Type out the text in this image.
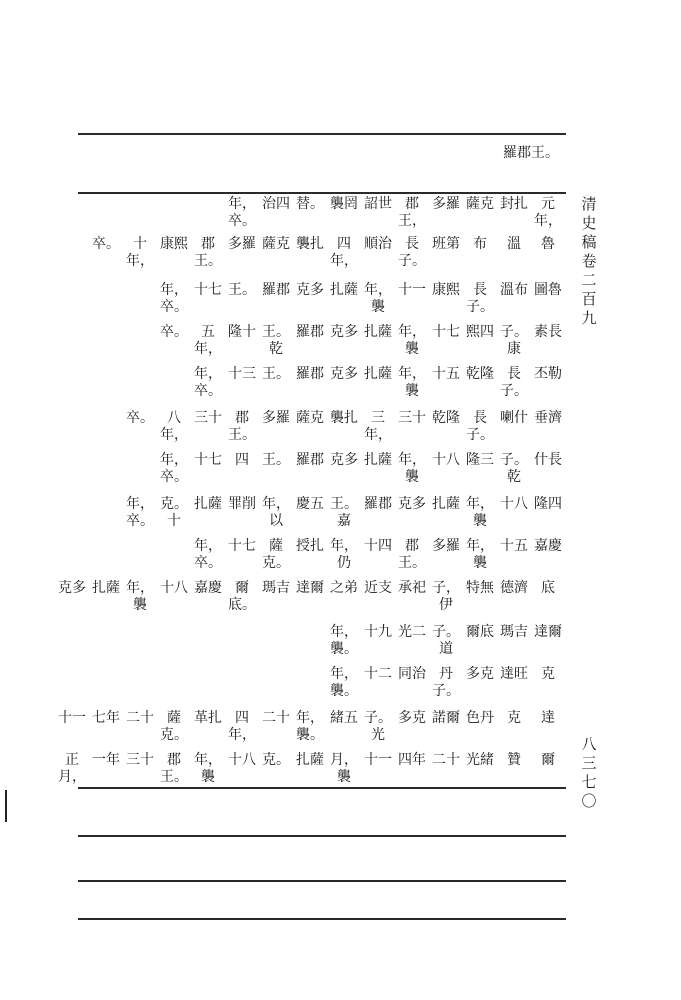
羅郡王。
清史稿卷二百九
八三七〇
元年，
封扎
薩克
多羅
郡王，
詔世
襲罔
替。
治四
年，卒。
魯
溫
布
班第
長子。
順治
四年，
襲扎
薩克
多羅
郡王。
康熙
十年，
卒。
圖魯
溫布
長子。
康熙
十一
年，襲
扎薩
克多
羅郡
王。
十七
年，卒。
素長
子。康
熙四
十七
年，襲
扎薩
克多
羅郡
王。乾
隆十
五年，
卒。
丕勒
長子。
乾隆
十五
年，襲
扎薩
克多
羅郡
王。
十三
年，卒。
垂濟
喇什
長子。
乾隆
三十
三年，
襲扎
薩克
多羅
郡王。
三十
八年，
卒。
什長
子。乾
隆三
十八
年，襲
扎薩
克多
羅郡
王。
四
十七
年，卒。
隆四
十八
年，襲
扎薩
克多
羅郡
王。嘉
慶五
年，以
罪削
扎薩
克。十
年，卒。
嘉慶
十五
年，襲
多羅
郡王。
十四
年，仍
授扎
薩克。
十七
年，卒。
底
德濟
特無
子，伊
承祀
近支
之弟
達爾
瑪吉
爾底。
嘉慶
十八
年，襲
扎薩
克多
達爾
瑪吉
爾底
子。道
光二
十九
年，襲。
克
達旺
多克
丹子。
同治
十二
年，襲。
達
克
色丹
諾爾
多克
子。光
緒五
年，襲。
二十
四年，
革扎
薩克。
二十
七年
十一
爾
贊
光緒
二十
四年
十一
月，襲
扎薩
克。
十八
年，襲
郡王。
三十
一年
正月，
